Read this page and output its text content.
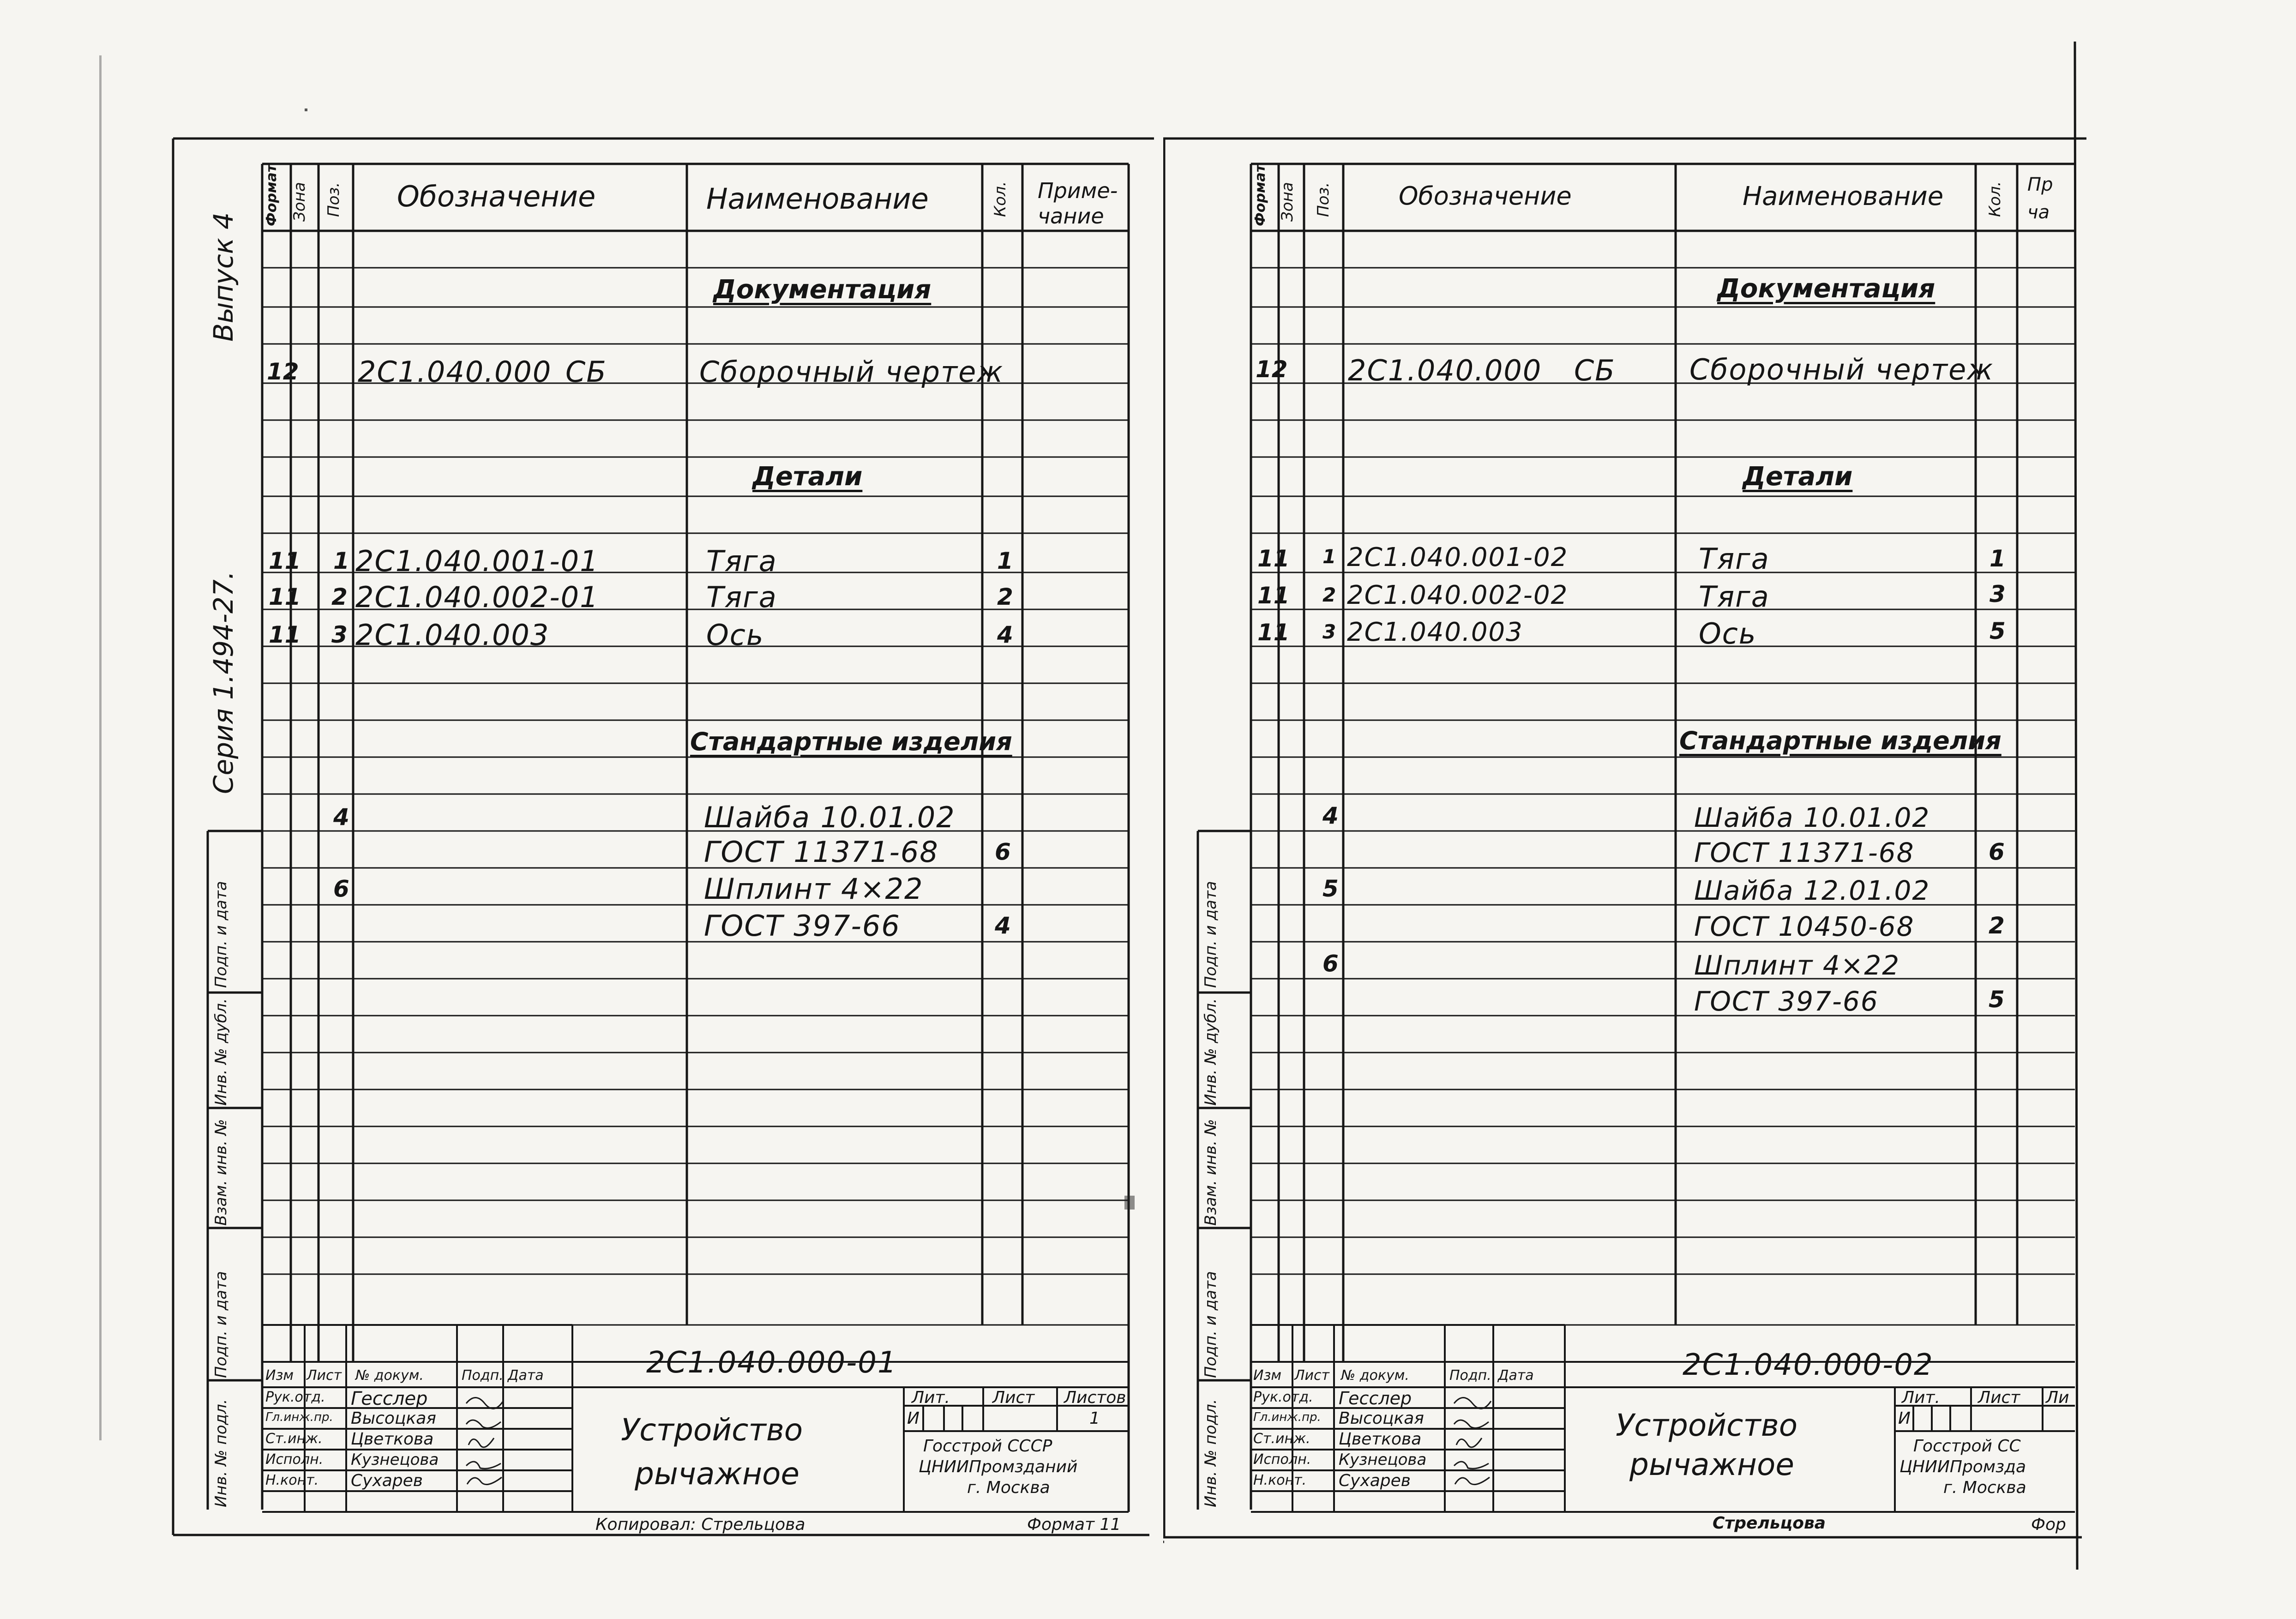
Выпуск 4
Серия 1.494-27.
Подп. и дата
Инв. № дубл.
Взам. инв. №
Подп. и дата
Инв. № подл.
Формат Зона Поз. Обозначение	Наименование	Кол. Приме-
чание
Документация
12 2С1.040.000 СБ	Сборочный чертеж
Детали
11 1 2С1.040.001-01	Тяга	1
11 2 2С1.040.002-01	Тяга	2
11 3 2С1.040.003	Ось	4
Стандартные изделия
4	Шайба 10.01.02
ГОСТ 11371-68 6
6	Шплинт 4×22
ГОСТ 397-66	4
2С1.040.000-01
Изм Лист № докум.	Подп. Дата
Рук.отд. Гесслер
Гл.инж.пр. Высоцкая
Ст.инж. Цветкова
Исполн. Кузнецова
Н.конт. Сухарев
Устройство
рычажное
Лит.	Лист Листов
И	1
Госстрой СССР
ЦНИИПромзданий
г. Москва
Копировал: Стрельцова	Формат 11
Подп. и дата
Инв. № дубл.
Взам. инв. №
Подп. и дата
Инв. № подл.
Формат Зона Поз.	Обозначение	Наименование	Кол. Пр
ча
Документация
12 2С1.040.000 СБ	Сборочный чертеж
Детали
11 1 2С1.040.001-02	Тяга	1
11 2 2С1.040.002-02	Тяга	3
11 3 2С1.040.003	Ось	5
Стандартные изделия
4	Шайба 10.01.02
ГОСТ 11371-68	6
5	Шайба 12.01.02
ГОСТ 10450-68	2
6	Шплинт 4×22
ГОСТ 397-66	5
2С1.040.000-02
Изм Лист № докум.	Подп. Дата
Рук.отд. Гесслер
Гл.инж.пр. Высоцкая
Ст.инж. Цветкова
Исполн. Кузнецова
Н.конт. Сухарев
Устройство
рычажное
Лит. Лист Ли
И
Госстрой СС
ЦНИИПромзда
г. Москва
Стрельцова	Фор
